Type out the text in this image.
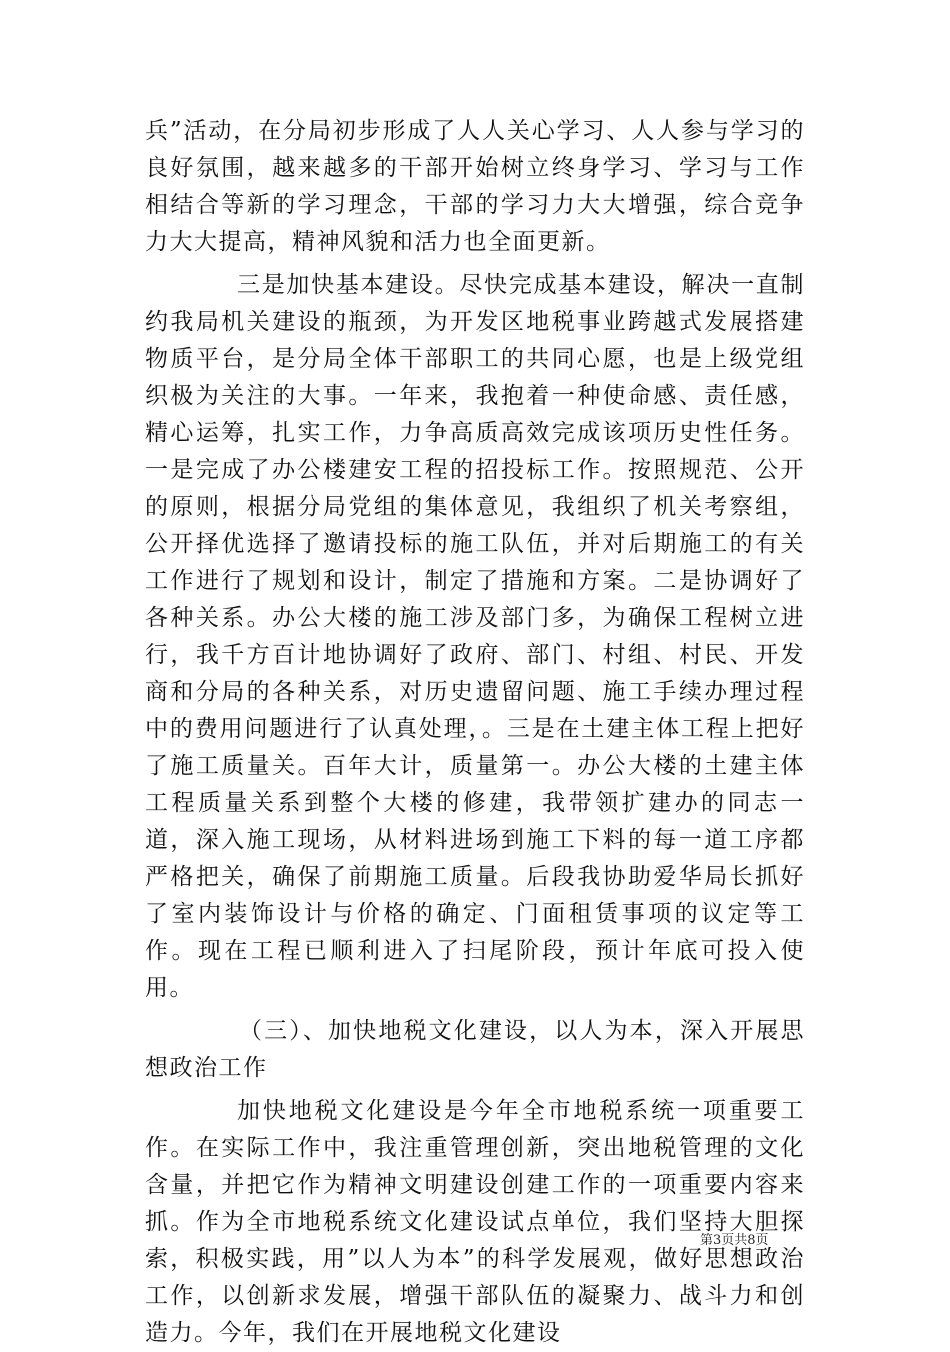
兵”活动，在分局初步形成了人人关心学习、人人参与学习的良好氛围，越来越多的干部开始树立终身学习、学习与工作相结合等新的学习理念，干部的学习力大大增强，综合竞争力大大提高，精神风貌和活力也全面更新。

三是加快基本建设。尽快完成基本建设，解决一直制约我局机关建设的瓶颈，为开发区地税事业跨越式发展搭建物质平台，是分局全体干部职工的共同心愿，也是上级党组织极为关注的大事。一年来，我抱着一种使命感、责任感，精心运筹，扎实工作，力争高质高效完成该项历史性任务。一是完成了办公楼建安工程的招投标工作。按照规范、公开的原则，根据分局党组的集体意见，我组织了机关考察组，公开择优选择了邀请投标的施工队伍，并对后期施工的有关工作进行了规划和设计，制定了措施和方案。二是协调好了各种关系。办公大楼的施工涉及部门多，为确保工程树立进行，我千方百计地协调好了政府、部门、村组、村民、开发商和分局的各种关系，对历史遗留问题、施工手续办理过程中的费用问题进行了认真处理，。三是在土建主体工程上把好了施工质量关。百年大计，质量第一。办公大楼的土建主体工程质量关系到整个大楼的修建，我带领扩建办的同志一道，深入施工现场，从材料进场到施工下料的每一道工序都严格把关，确保了前期施工质量。后段我协助爱华局长抓好了室内装饰设计与价格的确定、门面租赁事项的议定等工作。现在工程已顺利进入了扫尾阶段，预计年底可投入使用。

（三）、加快地税文化建设，以人为本，深入开展思想政治工作

加快地税文化建设是今年全市地税系统一项重要工作。在实际工作中，我注重管理创新，突出地税管理的文化含量，并把它作为精神文明建设创建工作的一项重要内容来抓。作为全市地税系统文化建设试点单位，我们坚持大胆探索，积极实践，用”以人为本”的科学发展观，做好思想政治工作，以创新求发展，增强干部队伍的凝聚力、战斗力和创造力。今年，我们在开展地税文化建设

第3页共8页
